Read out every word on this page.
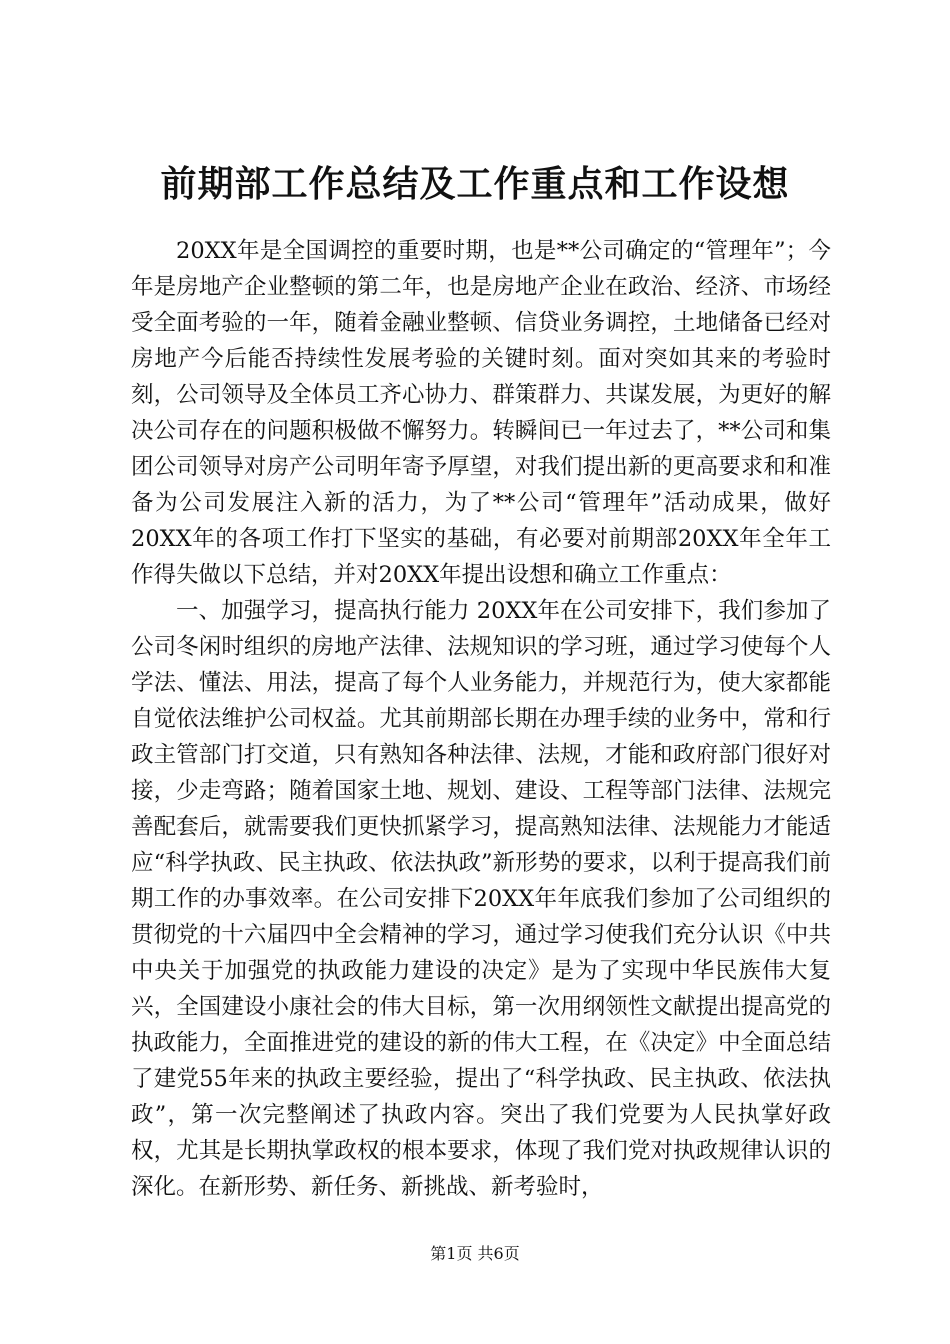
前期部工作总结及工作重点和工作设想

20XX年是全国调控的重要时期，也是**公司确定的“管理年”；今年是房地产企业整顿的第二年，也是房地产企业在政治、经济、市场经受全面考验的一年，随着金融业整顿、信贷业务调控，土地储备已经对房地产今后能否持续性发展考验的关键时刻。面对突如其来的考验时刻，公司领导及全体员工齐心协力、群策群力、共谋发展，为更好的解决公司存在的问题积极做不懈努力。转瞬间已一年过去了，**公司和集团公司领导对房产公司明年寄予厚望，对我们提出新的更高要求和和准备为公司发展注入新的活力，为了**公司“管理年”活动成果，做好20XX年的各项工作打下坚实的基础，有必要对前期部20XX年全年工作得失做以下总结，并对20XX年提出设想和确立工作重点：

一、加强学习，提高执行能力 20XX年在公司安排下，我们参加了公司冬闲时组织的房地产法律、法规知识的学习班，通过学习使每个人学法、懂法、用法，提高了每个人业务能力，并规范行为，使大家都能自觉依法维护公司权益。尤其前期部长期在办理手续的业务中，常和行政主管部门打交道，只有熟知各种法律、法规，才能和政府部门很好对接，少走弯路；随着国家土地、规划、建设、工程等部门法律、法规完善配套后，就需要我们更快抓紧学习，提高熟知法律、法规能力才能适应“科学执政、民主执政、依法执政”新形势的要求，以利于提高我们前期工作的办事效率。在公司安排下20XX年年底我们参加了公司组织的贯彻党的十六届四中全会精神的学习，通过学习使我们充分认识《中共中央关于加强党的执政能力建设的决定》是为了实现中华民族伟大复兴，全国建设小康社会的伟大目标，第一次用纲领性文献提出提高党的执政能力，全面推进党的建设的新的伟大工程，在《决定》中全面总结了建党55年来的执政主要经验，提出了“科学执政、民主执政、依法执政”，第一次完整阐述了执政内容。突出了我们党要为人民执掌好政权，尤其是长期执掌政权的根本要求，体现了我们党对执政规律认识的深化。在新形势、新任务、新挑战、新考验时，

第1页 共6页
